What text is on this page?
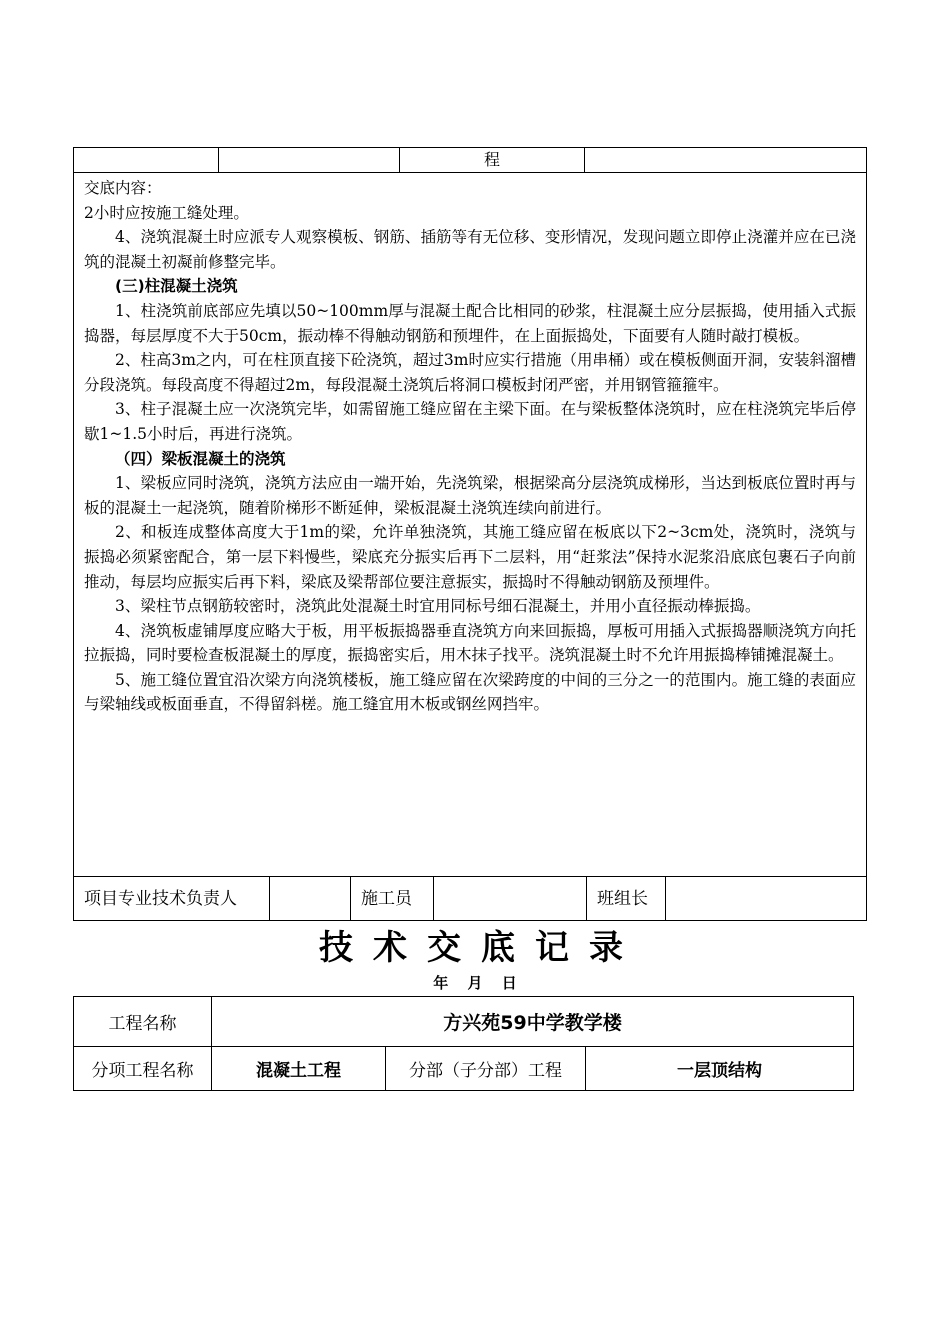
程

交底内容：

2小时应按施工缝处理。

4、浇筑混凝土时应派专人观察模板、钢筋、插筋等有无位移、变形情况，发现问题立即停止浇灌并应在已浇筑的混凝土初凝前修整完毕。

(三)柱混凝土浇筑

1、柱浇筑前底部应先填以50~100mm厚与混凝土配合比相同的砂浆，柱混凝土应分层振捣，使用插入式振捣器，每层厚度不大于50cm，振动棒不得触动钢筋和预埋件，在上面振捣处，下面要有人随时敲打模板。

2、柱高3m之内，可在柱顶直接下砼浇筑，超过3m时应实行措施（用串桶）或在模板侧面开洞，安装斜溜槽分段浇筑。每段高度不得超过2m，每段混凝土浇筑后将洞口模板封闭严密，并用钢管箍箍牢。

3、柱子混凝土应一次浇筑完毕，如需留施工缝应留在主梁下面。在与梁板整体浇筑时，应在柱浇筑完毕后停歇1~1.5小时后，再进行浇筑。

（四）梁板混凝土的浇筑

1、梁板应同时浇筑，浇筑方法应由一端开始，先浇筑梁，根据梁高分层浇筑成梯形，当达到板底位置时再与板的混凝土一起浇筑，随着阶梯形不断延伸，梁板混凝土浇筑连续向前进行。

2、和板连成整体高度大于1m的梁，允许单独浇筑，其施工缝应留在板底以下2~3cm处，浇筑时，浇筑与振捣必须紧密配合，第一层下料慢些，梁底充分振实后再下二层料，用“赶浆法”保持水泥浆沿底底包裹石子向前推动，每层均应振实后再下料，梁底及梁帮部位要注意振实，振捣时不得触动钢筋及预埋件。

3、梁柱节点钢筋较密时，浇筑此处混凝土时宜用同标号细石混凝土，并用小直径振动棒振捣。

4、浇筑板虚铺厚度应略大于板，用平板振捣器垂直浇筑方向来回振捣，厚板可用插入式振捣器顺浇筑方向托拉振捣，同时要检查板混凝土的厚度，振捣密实后，用木抹子找平。浇筑混凝土时不允许用振捣棒铺摊混凝土。

5、施工缝位置宜沿次梁方向浇筑楼板，施工缝应留在次梁跨度的中间的三分之一的范围内。施工缝的表面应与梁轴线或板面垂直，不得留斜槎。施工缝宜用木板或钢丝网挡牢。

项目专业技术负责人	施工员	班组长
技术交底记录
年 月 日
工程名称	方兴苑59中学教学楼
分项工程名称	混凝土工程	分部（子分部）工程	一层顶结构
